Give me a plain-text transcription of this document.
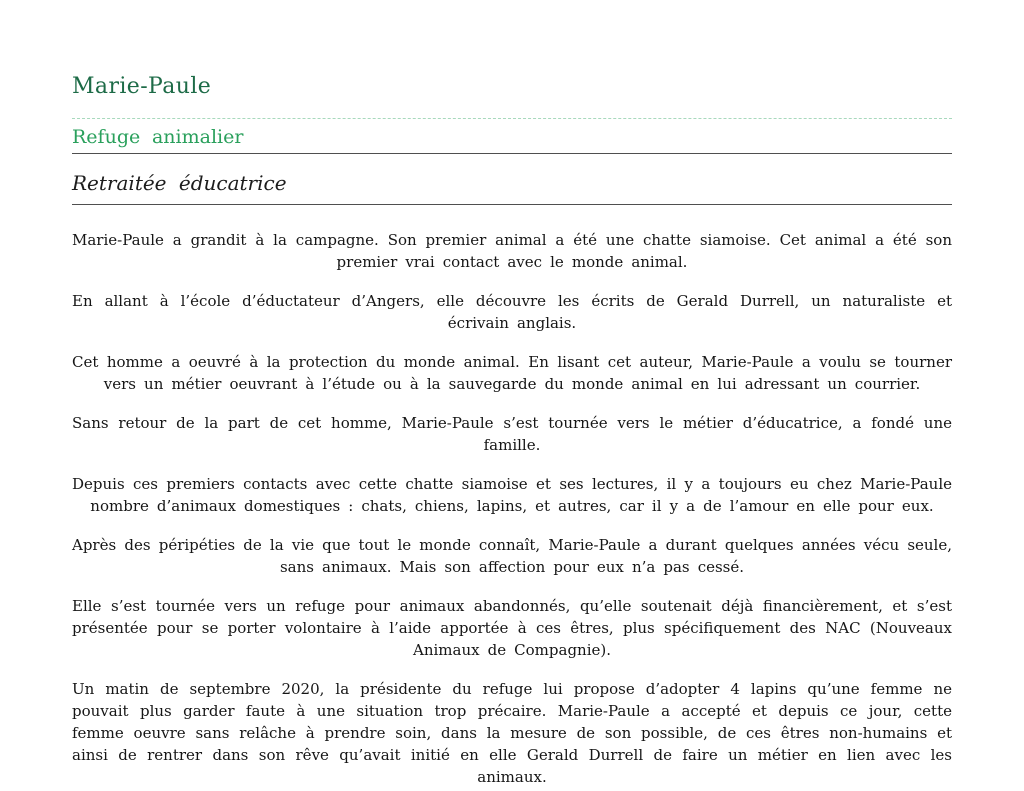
Marie-Paule
Refuge animalier
Retraitée éducatrice

Marie-Paule a grandit à la campagne. Son premier animal a été une chatte siamoise. Cet animal a été son premier vrai contact avec le monde animal.

En allant à l’école d’éductateur d’Angers, elle découvre les écrits de Gerald Durrell, un naturaliste et écrivain anglais.

Cet homme a oeuvré à la protection du monde animal. En lisant cet auteur, Marie-Paule a voulu se tourner vers un métier oeuvrant à l’étude ou à la sauvegarde du monde animal en lui adressant un courrier.

Sans retour de la part de cet homme, Marie-Paule s’est tournée vers le métier d’éducatrice, a fondé une famille.

Depuis ces premiers contacts avec cette chatte siamoise et ses lectures, il y a toujours eu chez Marie-Paule nombre d’animaux domestiques : chats, chiens, lapins, et autres, car il y a de l’amour en elle pour eux.

Après des péripéties de la vie que tout le monde connaît, Marie-Paule a durant quelques années vécu seule, sans animaux. Mais son affection pour eux n’a pas cessé.

Elle s’est tournée vers un refuge pour animaux abandonnés, qu’elle soutenait déjà financièrement, et s’est présentée pour se porter volontaire à l’aide apportée à ces êtres, plus spécifiquement des NAC (Nouveaux Animaux de Compagnie).

Un matin de septembre 2020, la présidente du refuge lui propose d’adopter 4 lapins qu’une femme ne pouvait plus garder faute à une situation trop précaire. Marie-Paule a accepté et depuis ce jour, cette femme oeuvre sans relâche à prendre soin, dans la mesure de son possible, de ces êtres non-humains et ainsi de rentrer dans son rêve qu’avait initié en elle Gerald Durrell de faire un métier en lien avec les animaux.
